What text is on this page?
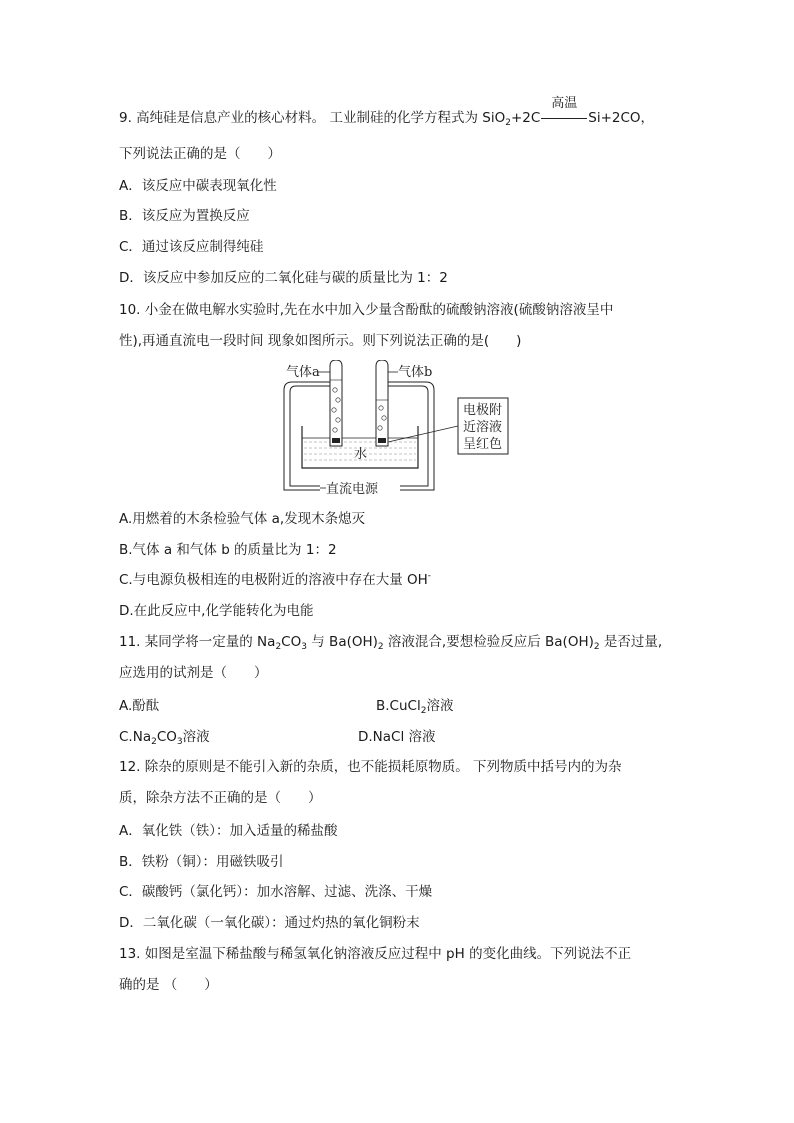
9. 高纯硅是信息产业的核心材料。 工业制硅的化学方程式为 SiO$_2$+2C
高温
Si+2CO，
下列说法正确的是（　　）
A．该反应中碳表现氧化性
B．该反应为置换反应
C．通过该反应制得纯硅
D．该反应中参加反应的二氧化硅与碳的质量比为 1：2
10. 小金在做电解水实验时,先在水中加入少量含酚酞的硫酸钠溶液(硫酸钠溶液呈中
性),再通直流电一段时间 现象如图所示。则下列说法正确的是(　　)
电极附
近溶液
呈红色
气体a	气体b
水
直流电源
A.用燃着的木条检验气体 a,发现木条熄灭
B.气体 a 和气体 b 的质量比为 1：2
C.与电源负极相连的电极附近的溶液中存在大量 OH-
D.在此反应中,化学能转化为电能
11. 某同学将一定量的 $Na_2CO_3$ 与 $Ba(OH)_2$ 溶液混合,要想检验反应后 $Ba(OH)_2$ 是否过量,
应选用的试剂是（　　）
A.酚酞	B.CuCl$_2$溶液
$C.Na_2CO_3$溶液	D.NaCl 溶液
12. 除杂的原则是不能引入新的杂质，也不能损耗原物质。 下列物质中括号内的为杂
质，除杂方法不正确的是（　　）
A．氧化铁（铁）：加入适量的稀盐酸
B．铁粉（铜）：用磁铁吸引
C．碳酸钙（氯化钙）：加水溶解、过滤、洗涤、干燥
D．二氧化碳（一氧化碳）：通过灼热的氧化铜粉末
13. 如图是室温下稀盐酸与稀氢氧化钠溶液反应过程中 pH 的变化曲线。下列说法不正
确的是 （　　）
